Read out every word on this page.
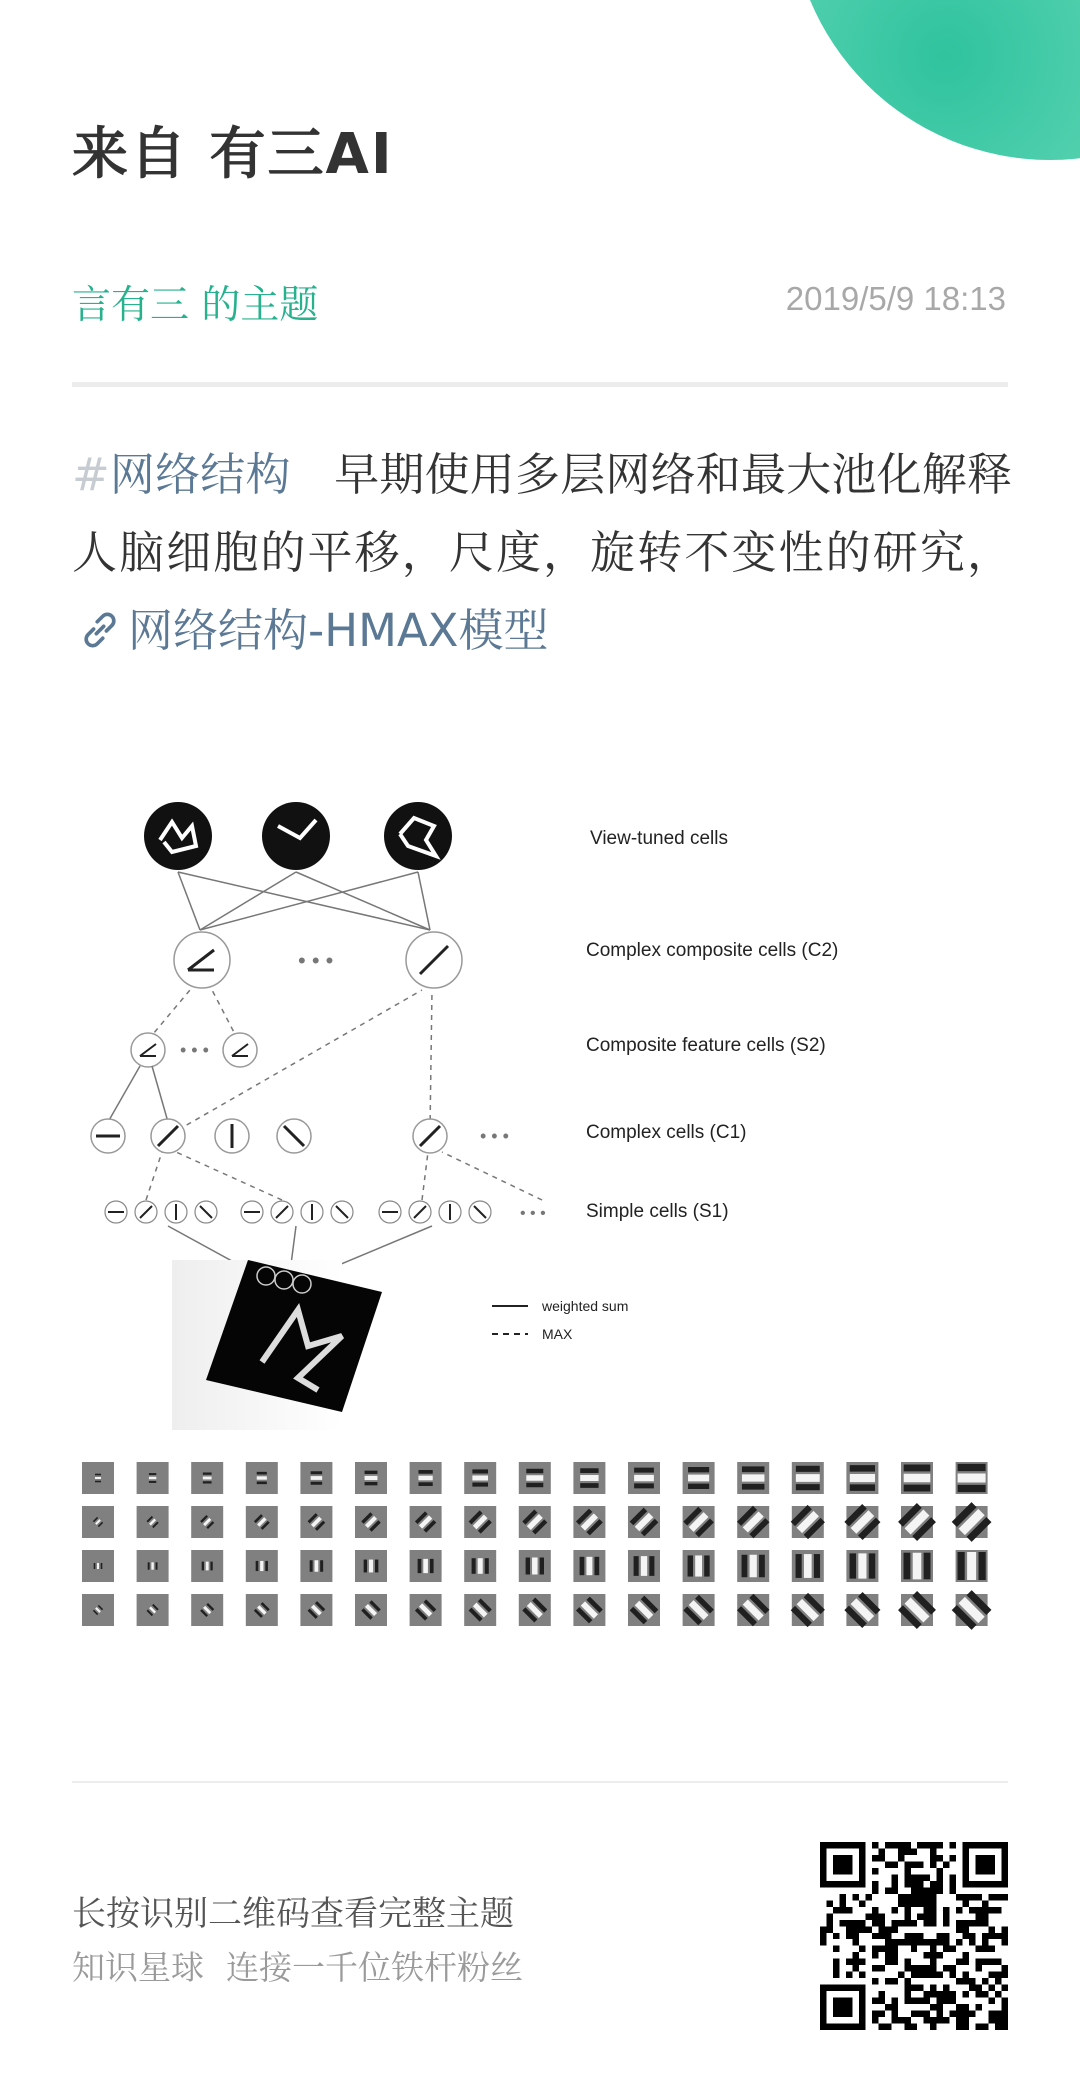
来自 有三AI
言有三 的主题	2019/5/9 18:13
#网络结构 早期使用多层网络和最大池化解释人脑细胞的平移，尺度，旋转不变性的研究，网络结构-HMAX模型
• • •
• • •
• • •
• • •
View-tuned cells
Complex composite cells (C2)
Composite feature cells (S2)
Complex cells (C1)
Simple cells (S1)
weighted sum
MAX
长按识别二维码查看完整主题
知识星球 连接一千位铁杆粉丝
